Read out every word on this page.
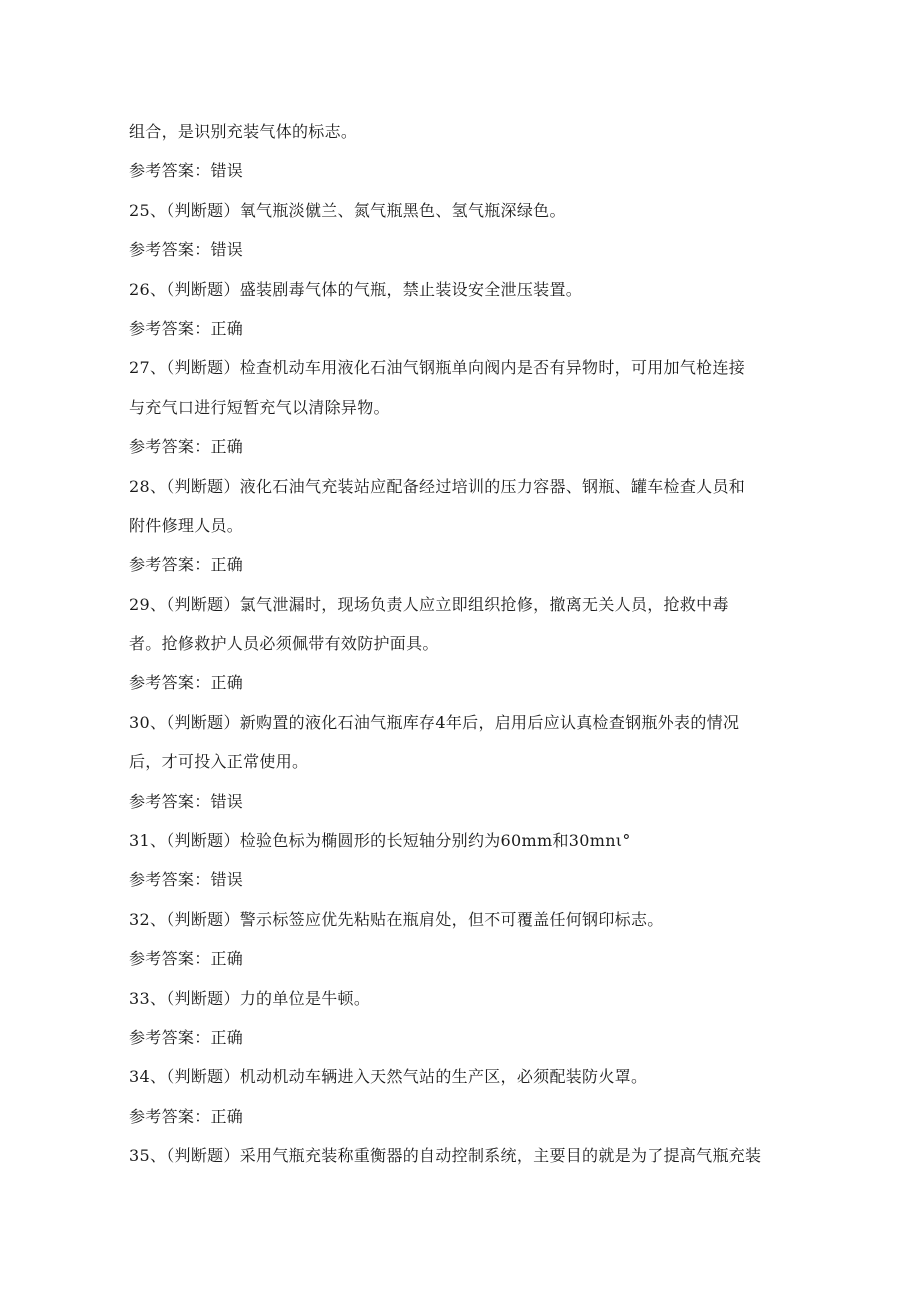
组合，是识别充装气体的标志。
参考答案：错误
25、（判断题）氧气瓶淡僦兰、氮气瓶黑色、氢气瓶深绿色。
参考答案：错误
26、（判断题）盛装剧毒气体的气瓶，禁止装设安全泄压装置。
参考答案：正确
27、（判断题）检查机动车用液化石油气钢瓶单向阀内是否有异物时，可用加气枪连接
与充气口进行短暂充气以清除异物。
参考答案：正确
28、（判断题）液化石油气充装站应配备经过培训的压力容器、钢瓶、罐车检查人员和
附件修理人员。
参考答案：正确
29、（判断题）氯气泄漏时，现场负责人应立即组织抢修，撤离无关人员，抢救中毒
者。抢修救护人员必须佩带有效防护面具。
参考答案：正确
30、（判断题）新购置的液化石油气瓶库存4年后，启用后应认真检查钢瓶外表的情况
后，才可投入正常使用。
参考答案：错误
31、（判断题）检验色标为椭圆形的长短轴分别约为60mm和30mnι°
参考答案：错误
32、（判断题）警示标签应优先粘贴在瓶肩处，但不可覆盖任何钢印标志。
参考答案：正确
33、（判断题）力的单位是牛顿。
参考答案：正确
34、（判断题）机动机动车辆进入天然气站的生产区，必须配装防火罩。
参考答案：正确
35、（判断题）采用气瓶充装称重衡器的自动控制系统，主要目的就是为了提高气瓶充装
